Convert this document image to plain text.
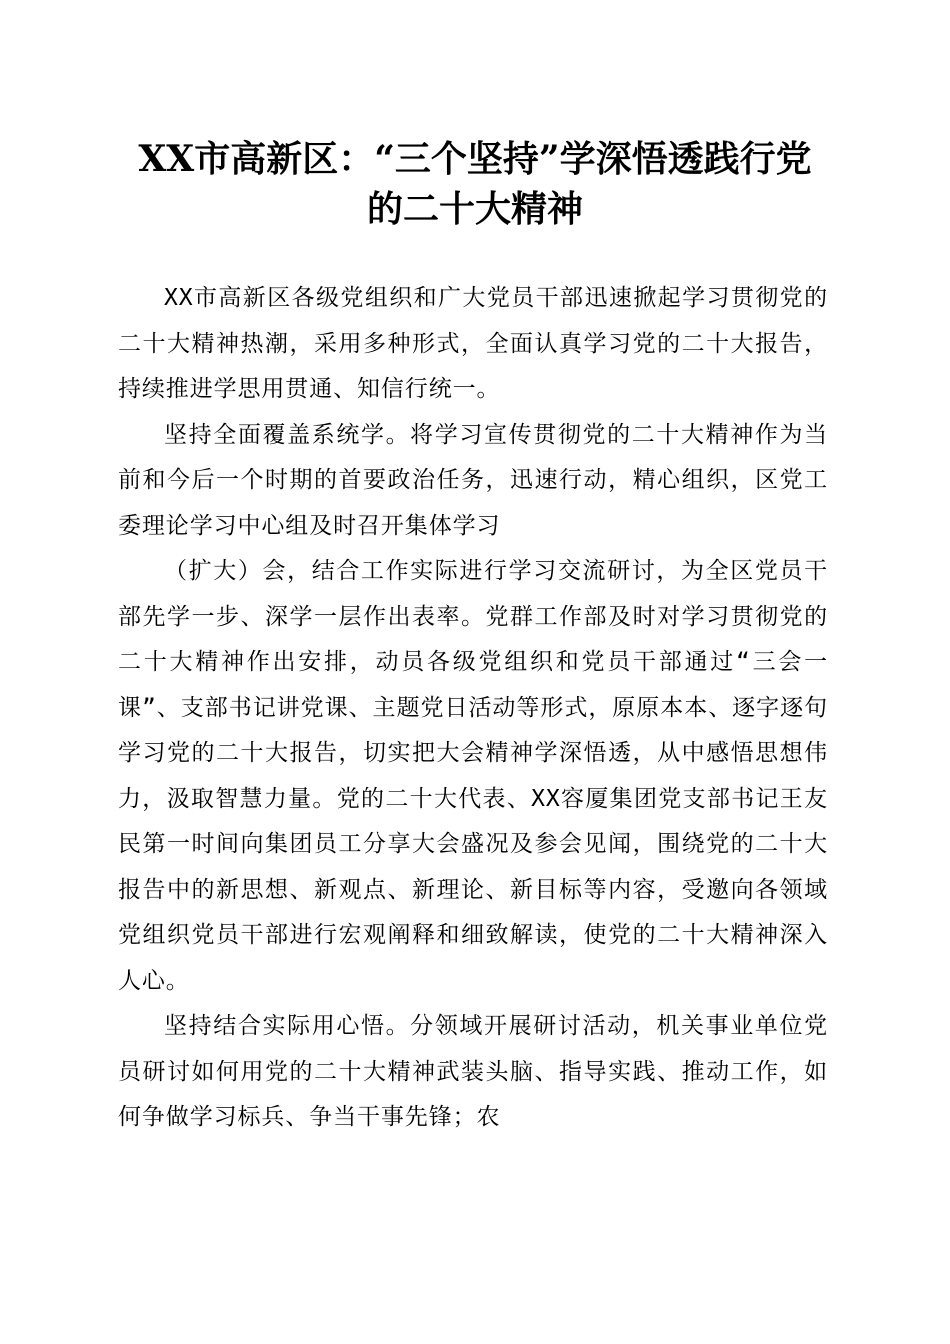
XX市高新区：“三个坚持”学深悟透践行党
的二十大精神

XX市高新区各级党组织和广大党员干部迅速掀起学习贯彻党的二十大精神热潮，采用多种形式，全面认真学习党的二十大报告，持续推进学思用贯通、知信行统一。

坚持全面覆盖系统学。将学习宣传贯彻党的二十大精神作为当前和今后一个时期的首要政治任务，迅速行动，精心组织，区党工委理论学习中心组及时召开集体学习

（扩大）会，结合工作实际进行学习交流研讨，为全区党员干部先学一步、深学一层作出表率。党群工作部及时对学习贯彻党的二十大精神作出安排，动员各级党组织和党员干部通过“三会一课”、支部书记讲党课、主题党日活动等形式，原原本本、逐字逐句学习党的二十大报告，切实把大会精神学深悟透，从中感悟思想伟力，汲取智慧力量。党的二十大代表、XX容厦集团党支部书记王友民第一时间向集团员工分享大会盛况及参会见闻，围绕党的二十大报告中的新思想、新观点、新理论、新目标等内容，受邀向各领域党组织党员干部进行宏观阐释和细致解读，使党的二十大精神深入人心。

坚持结合实际用心悟。分领域开展研讨活动，机关事业单位党员研讨如何用党的二十大精神武装头脑、指导实践、推动工作，如何争做学习标兵、争当干事先锋；农
